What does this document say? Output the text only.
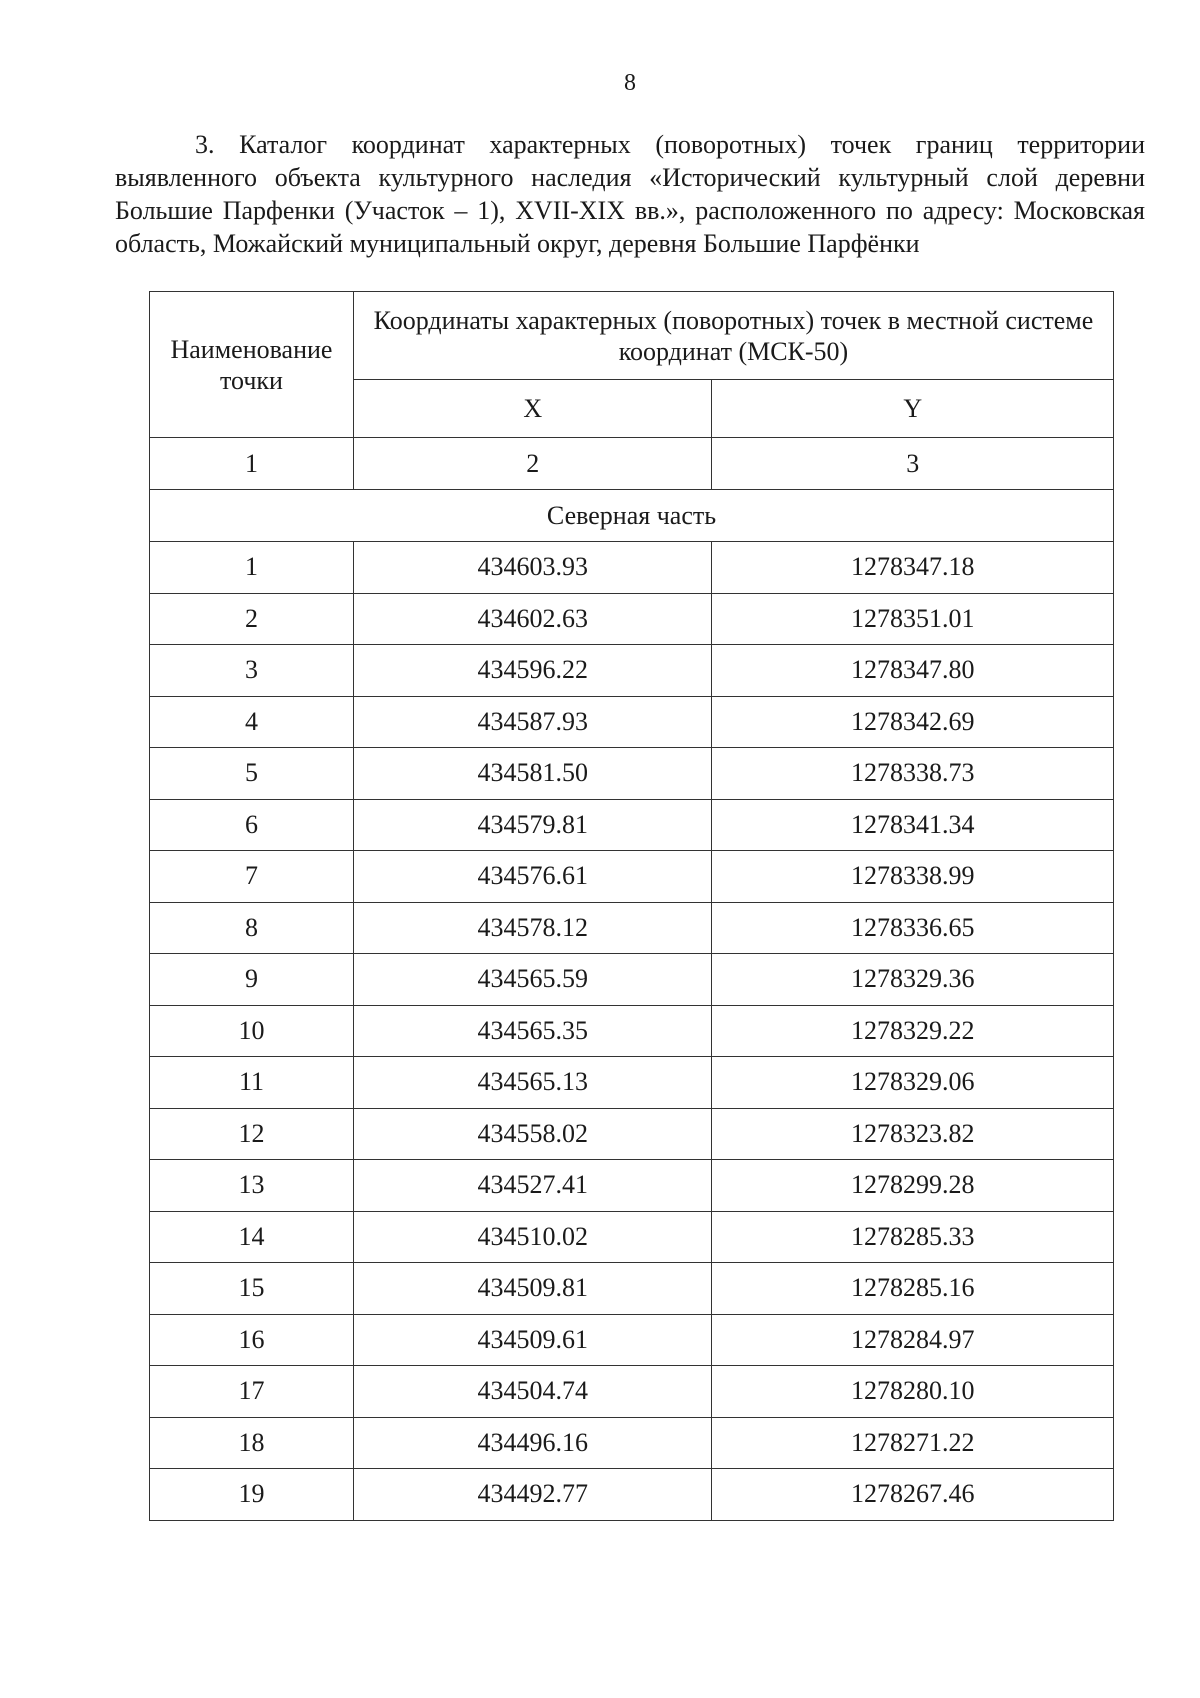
8

3. Каталог координат характерных (поворотных) точек границ территории выявленного объекта культурного наследия «Исторический культурный слой деревни Большие Парфенки (Участок – 1), XVII-XIX вв.», расположенного по адресу: Московская область, Можайский муниципальный округ, деревня Большие Парфёнки

Наименование точки	Координаты характерных (поворотных) точек в местной системе координат (МСК-50)	
	X	Y
1	2	3
Северная часть		
1	434603.93	1278347.18
2	434602.63	1278351.01
3	434596.22	1278347.80
4	434587.93	1278342.69
5	434581.50	1278338.73
6	434579.81	1278341.34
7	434576.61	1278338.99
8	434578.12	1278336.65
9	434565.59	1278329.36
10	434565.35	1278329.22
11	434565.13	1278329.06
12	434558.02	1278323.82
13	434527.41	1278299.28
14	434510.02	1278285.33
15	434509.81	1278285.16
16	434509.61	1278284.97
17	434504.74	1278280.10
18	434496.16	1278271.22
19	434492.77	1278267.46
